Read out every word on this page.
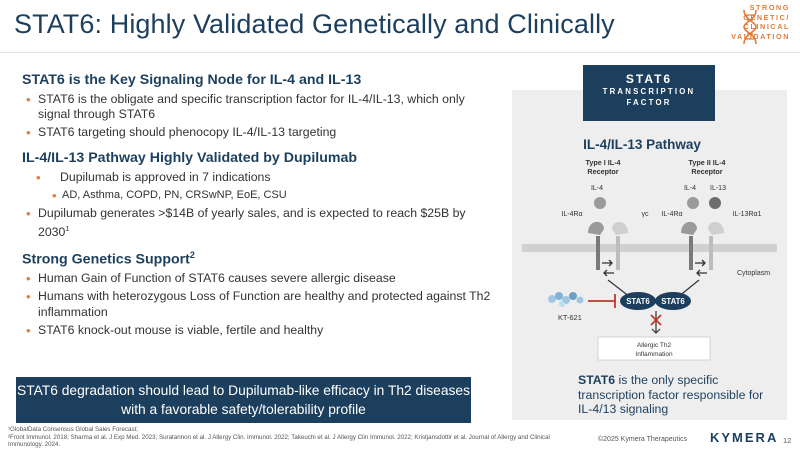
STAT6: Highly Validated Genetically and Clinically
STRONG
GENETIC/
CLINICAL
VALIDATION
STAT6 is the Key Signaling Node for IL-4 and IL-13
• STAT6 is the obligate and specific transcription factor for IL-4/IL-13, which only signal through STAT6
• STAT6 targeting should phenocopy IL-4/IL-13 targeting
IL-4/IL-13 Pathway Highly Validated by Dupilumab
• Dupilumab is approved in 7 indications
• AD, Asthma, COPD, PN, CRSwNP, EoE, CSU
• Dupilumab generates >$14B of yearly sales, and is expected to reach $25B by 2030$^1$
Strong Genetics Support$^2$
• Human Gain of Function of STAT6 causes severe allergic disease
• Humans with heterozygous Loss of Function are healthy and protected against Th2 inflammation
• STAT6 knock-out mouse is viable, fertile and healthy
STAT6 degradation should lead to Dupilumab-like efficacy in Th2 diseases with a favorable safety/tolerability profile
¹GlobalData Consensus Global Sales Forecast;
²Front Immunol. 2018; Sharma et al. J Exp Med. 2023; Suratannon et al. J Allergy Clin. Immunol. 2022; Takeuchi et al. J Allergy Clin Immunol. 2022; Kristjansdottir et al. Journal of Allergy and Clinical Immunology. 2024.
©2025 Kymera Therapeutics KYMERA 12
STAT6
TRANSCRIPTION
FACTOR
IL-4/IL-13 Pathway
Type I IL-4
Receptor
Type II IL-4
Receptor
IL-4	IL-4 IL-13
IL-4Rα	γc IL-4Rα	IL-13Rα1
Cytoplasm
STAT6 STAT6
KT-621
Allergic Th2
Inflammation
STAT6 is the only specific transcription factor responsible for IL-4/13 signaling
